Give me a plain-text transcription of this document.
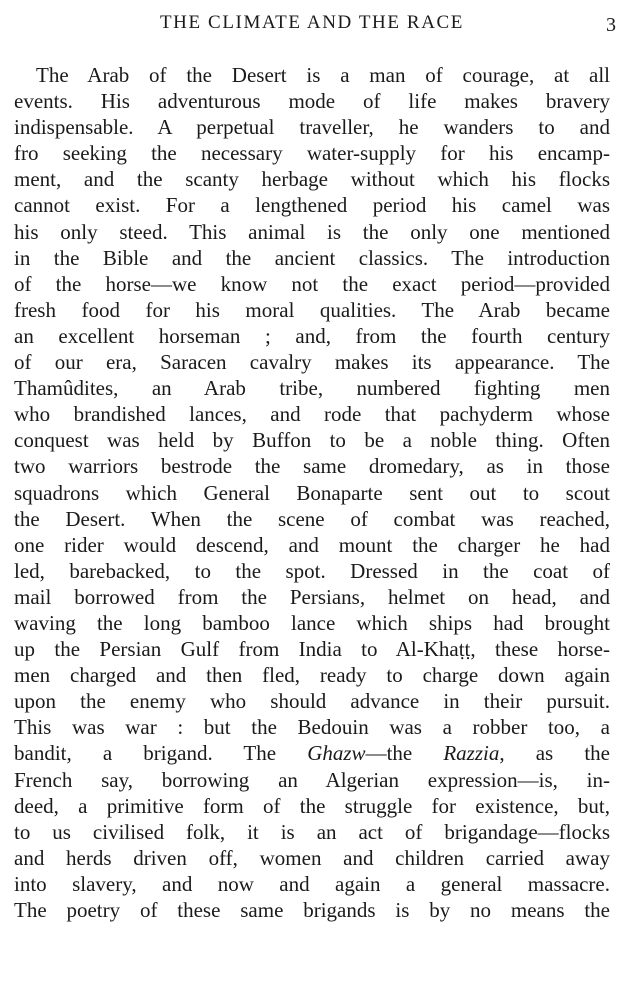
THE CLIMATE AND THE RACE	3
The Arab of the Desert is a man of courage, at all
events. His adventurous mode of life makes bravery
indispensable. A perpetual traveller, he wanders to and
fro seeking the necessary water-supply for his encamp-
ment, and the scanty herbage without which his flocks
cannot exist. For a lengthened period his camel was
his only steed. This animal is the only one mentioned
in the Bible and the ancient classics. The introduction
of the horse—we know not the exact period—provided
fresh food for his moral qualities. The Arab became
an excellent horseman ; and, from the fourth century
of our era, Saracen cavalry makes its appearance. The
Thamûdites, an Arab tribe, numbered fighting men
who brandished lances, and rode that pachyderm whose
conquest was held by Buffon to be a noble thing. Often
two warriors bestrode the same dromedary, as in those
squadrons which General Bonaparte sent out to scout
the Desert. When the scene of combat was reached,
one rider would descend, and mount the charger he had
led, barebacked, to the spot. Dressed in the coat of
mail borrowed from the Persians, helmet on head, and
waving the long bamboo lance which ships had brought
up the Persian Gulf from India to Al-Khaṭṭ, these horse-
men charged and then fled, ready to charge down again
upon the enemy who should advance in their pursuit.
This was war : but the Bedouin was a robber too, a
bandit, a brigand. The Ghazw—the Razzia, as the
French say, borrowing an Algerian expression—is, in-
deed, a primitive form of the struggle for existence, but,
to us civilised folk, it is an act of brigandage—flocks
and herds driven off, women and children carried away
into slavery, and now and again a general massacre.
The poetry of these same brigands is by no means the
